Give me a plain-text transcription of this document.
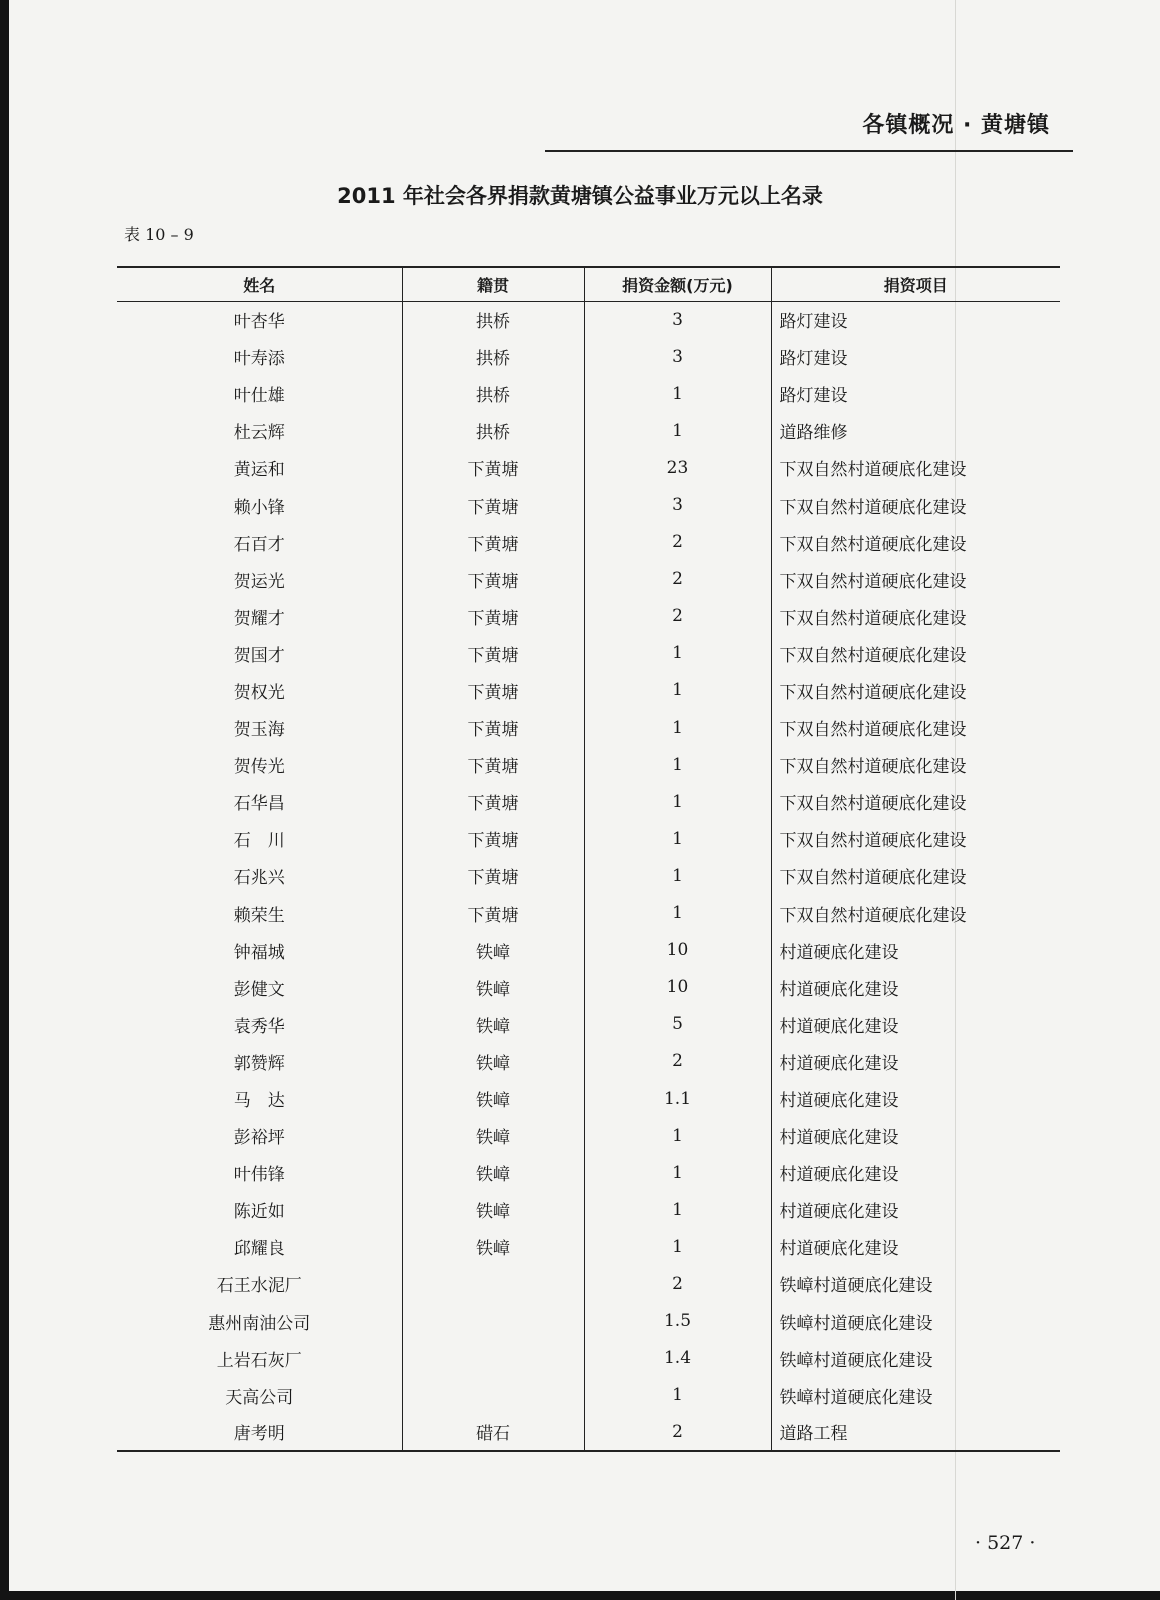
各镇概况 · 黄塘镇
2011 年社会各界捐款黄塘镇公益事业万元以上名录
表 10 – 9
姓名	籍贯	捐资金额(万元)	捐资项目
叶杏华	拱桥	3	路灯建设
叶寿添	拱桥	3	路灯建设
叶仕雄	拱桥	1	路灯建设
杜云辉	拱桥	1	道路维修
黄运和	下黄塘	23	下双自然村道硬底化建设
赖小锋	下黄塘	3	下双自然村道硬底化建设
石百才	下黄塘	2	下双自然村道硬底化建设
贺运光	下黄塘	2	下双自然村道硬底化建设
贺耀才	下黄塘	2	下双自然村道硬底化建设
贺国才	下黄塘	1	下双自然村道硬底化建设
贺权光	下黄塘	1	下双自然村道硬底化建设
贺玉海	下黄塘	1	下双自然村道硬底化建设
贺传光	下黄塘	1	下双自然村道硬底化建设
石华昌	下黄塘	1	下双自然村道硬底化建设
石　川	下黄塘	1	下双自然村道硬底化建设
石兆兴	下黄塘	1	下双自然村道硬底化建设
赖荣生	下黄塘	1	下双自然村道硬底化建设
钟福城	铁嶂	10	村道硬底化建设
彭健文	铁嶂	10	村道硬底化建设
袁秀华	铁嶂	5	村道硬底化建设
郭赞辉	铁嶂	2	村道硬底化建设
马　达	铁嶂	1.1	村道硬底化建设
彭裕坪	铁嶂	1	村道硬底化建设
叶伟锋	铁嶂	1	村道硬底化建设
陈近如	铁嶂	1	村道硬底化建设
邱耀良	铁嶂	1	村道硬底化建设
石王水泥厂		2	铁嶂村道硬底化建设
惠州南油公司		1.5	铁嶂村道硬底化建设
上岩石灰厂		1.4	铁嶂村道硬底化建设
天高公司		1	铁嶂村道硬底化建设
唐考明	碏石	2	道路工程
· 527 ·
